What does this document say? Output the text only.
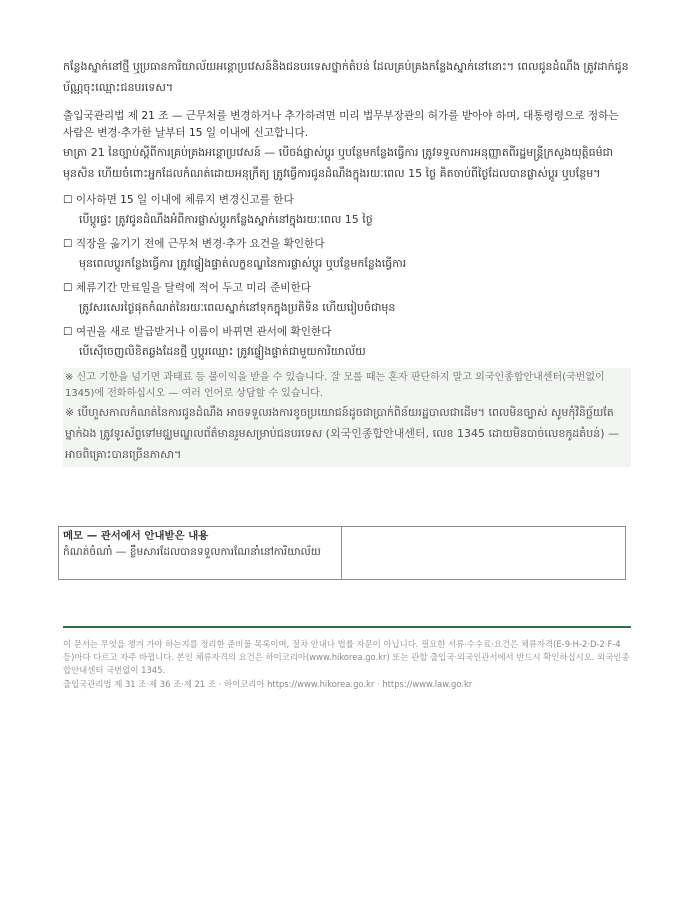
កន្លែងស្នាក់នៅថ្មី ឬប្រធានការិយាល័យអន្តោប្រវេសន៍និងជនបរទេសថ្នាក់តំបន់ ដែលគ្រប់គ្រងកន្លែងស្នាក់នៅនោះ។ ពេលជូនដំណឹង ត្រូវដាក់ជូនប័ណ្ណចុះឈ្មោះជនបរទេស។

출입국관리법 제 21 조 — 근무처를 변경하거나 추가하려면 미리 법무부장관의 허가를 받아야 하며, 대통령령으로 정하는 사람은 변경·추가한 날부터 15 일 이내에 신고합니다.

មាត្រា 21 នៃច្បាប់ស្ដីពីការគ្រប់គ្រងអន្តោប្រវេសន៍ — បើចង់ផ្លាស់ប្ដូរ ឬបន្ថែមកន្លែងធ្វើការ ត្រូវទទួលការអនុញ្ញាតពីរដ្ឋមន្ត្រីក្រសួងយុត្តិធម៌ជាមុនសិន ហើយចំពោះអ្នកដែលកំណត់ដោយអនុក្រឹត្យ ត្រូវធ្វើការជូនដំណឹងក្នុងរយៈពេល 15 ថ្ងៃ គិតចាប់ពីថ្ងៃដែលបានផ្លាស់ប្ដូរ ឬបន្ថែម។

☐ 이사하면 15 일 이내에 체류지 변경신고를 한다
បើប្ដូរផ្ទះ ត្រូវជូនដំណឹងអំពីការផ្លាស់ប្ដូរកន្លែងស្នាក់នៅក្នុងរយៈពេល 15 ថ្ងៃ
☐ 직장을 옮기기 전에 근무처 변경·추가 요건을 확인한다
មុនពេលប្ដូរកន្លែងធ្វើការ ត្រូវផ្ទៀងផ្ទាត់លក្ខខណ្ឌនៃការផ្លាស់ប្ដូរ ឬបន្ថែមកន្លែងធ្វើការ
☐ 체류기간 만료일을 달력에 적어 두고 미리 준비한다
ត្រូវសរសេរថ្ងៃផុតកំណត់នៃរយៈពេលស្នាក់នៅទុកក្នុងប្រតិទិន ហើយរៀបចំជាមុន
☐ 여권을 새로 발급받거나 이름이 바뀌면 관서에 확인한다
បើស៊ើចេញលិខិតឆ្លងដែនថ្មី ឬប្ដូរឈ្មោះ ត្រូវផ្ទៀងផ្ទាត់ជាមួយការិយាល័យ
※ 신고 기한을 넘기면 과태료 등 불이익을 받을 수 있습니다. 잘 모를 때는 혼자 판단하지 말고 외국인종합안내센터(국번없이 1345)에 전화하십시오 — 여러 언어로 상담할 수 있습니다.
※ បើហួសកាលកំណត់នៃការជូនដំណឹង អាចទទួលរងការខូចប្រយោជន៍ដូចជាប្រាក់ពិន័យរដ្ឋបាលជាដើម។ ពេលមិនច្បាស់ សូមកុំវិនិច្ឆ័យតែម្នាក់ឯង ត្រូវទូរស័ព្ទទៅមជ្ឈមណ្ឌលព័ត៌មានរួមសម្រាប់ជនបរទេស (외국인종합안내센터, លេខ 1345 ដោយមិនបាច់លេខកូដតំបន់) — អាចពិគ្រោះបានច្រើនភាសា។
메모 — 관서에서 안내받은 내용
កំណត់ចំណាំ — ខ្លឹមសារដែលបានទទួលការណែនាំនៅការិយាល័យ
이 문서는 무엇을 챙겨 가야 하는지를 정리한 준비물 목록이며, 절차 안내나 법률 자문이 아닙니다. 필요한 서류·수수료·요건은 체류자격(E-9·H-2·D-2·F-4 등)마다 다르고 자주 바뀝니다. 본인 체류자격의 요건은 하이코리아(www.hikorea.go.kr) 또는 관할 출입국·외국인관서에서 반드시 확인하십시오. 외국인종합안내센터 국번없이 1345.
출입국관리법 제 31 조·제 36 조·제 21 조 · 하이코리아 https://www.hikorea.go.kr · https://www.law.go.kr
